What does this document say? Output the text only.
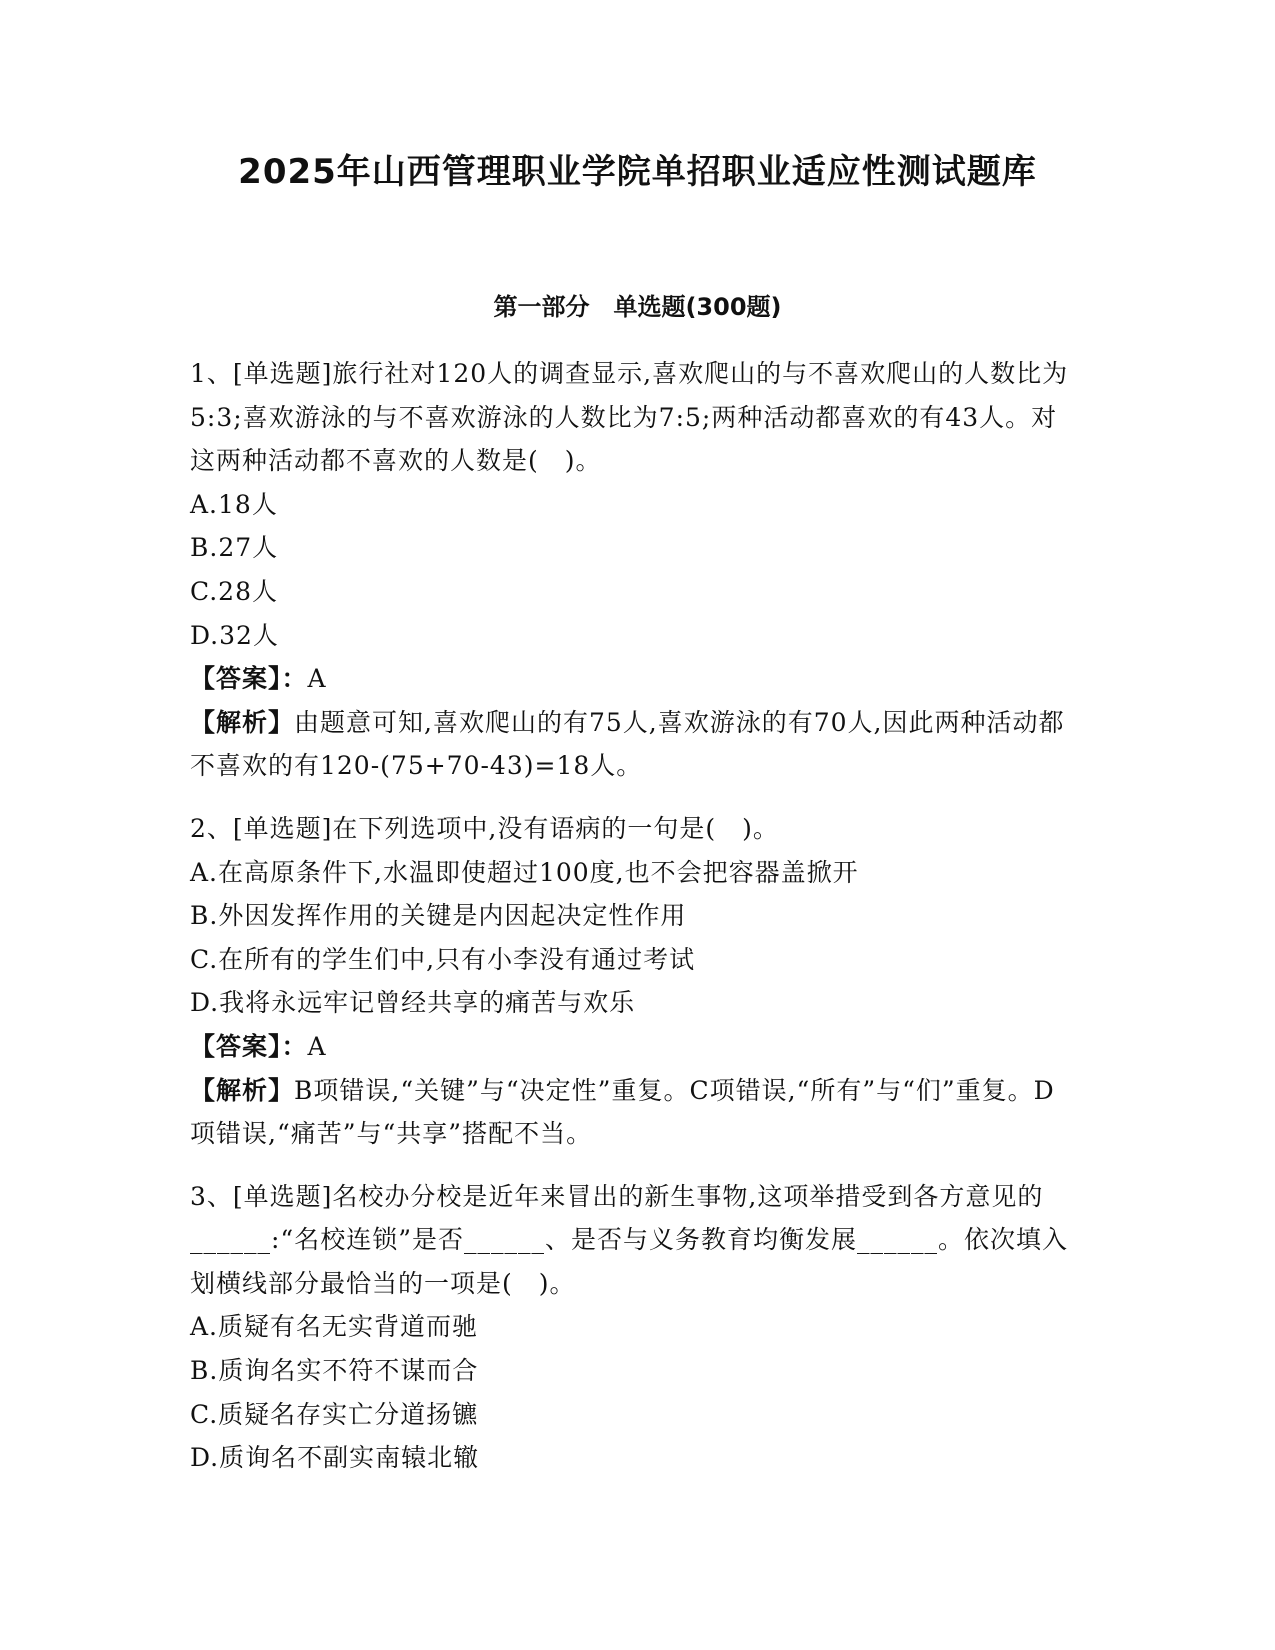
2025年山西管理职业学院单招职业适应性测试题库
第一部分　单选题(300题)
1、[单选题]旅行社对120人的调查显示,喜欢爬山的与不喜欢爬山的人数比为5:3;喜欢游泳的与不喜欢游泳的人数比为7:5;两种活动都喜欢的有43人。对这两种活动都不喜欢的人数是(　)。
A.18人
B.27人
C.28人
D.32人
【答案】：A
【解析】由题意可知,喜欢爬山的有75人,喜欢游泳的有70人,因此两种活动都不喜欢的有120-(75+70-43)=18人。
2、[单选题]在下列选项中,没有语病的一句是(　)。
A.在高原条件下,水温即使超过100度,也不会把容器盖掀开
B.外因发挥作用的关键是内因起决定性作用
C.在所有的学生们中,只有小李没有通过考试
D.我将永远牢记曾经共享的痛苦与欢乐
【答案】：A
【解析】B项错误,“关键”与“决定性”重复。C项错误,“所有”与“们”重复。D项错误,“痛苦”与“共享”搭配不当。
3、[单选题]名校办分校是近年来冒出的新生事物,这项举措受到各方意见的______:“名校连锁”是否______、是否与义务教育均衡发展______。依次填入划横线部分最恰当的一项是(　)。
A.质疑有名无实背道而驰
B.质询名实不符不谋而合
C.质疑名存实亡分道扬镳
D.质询名不副实南辕北辙
